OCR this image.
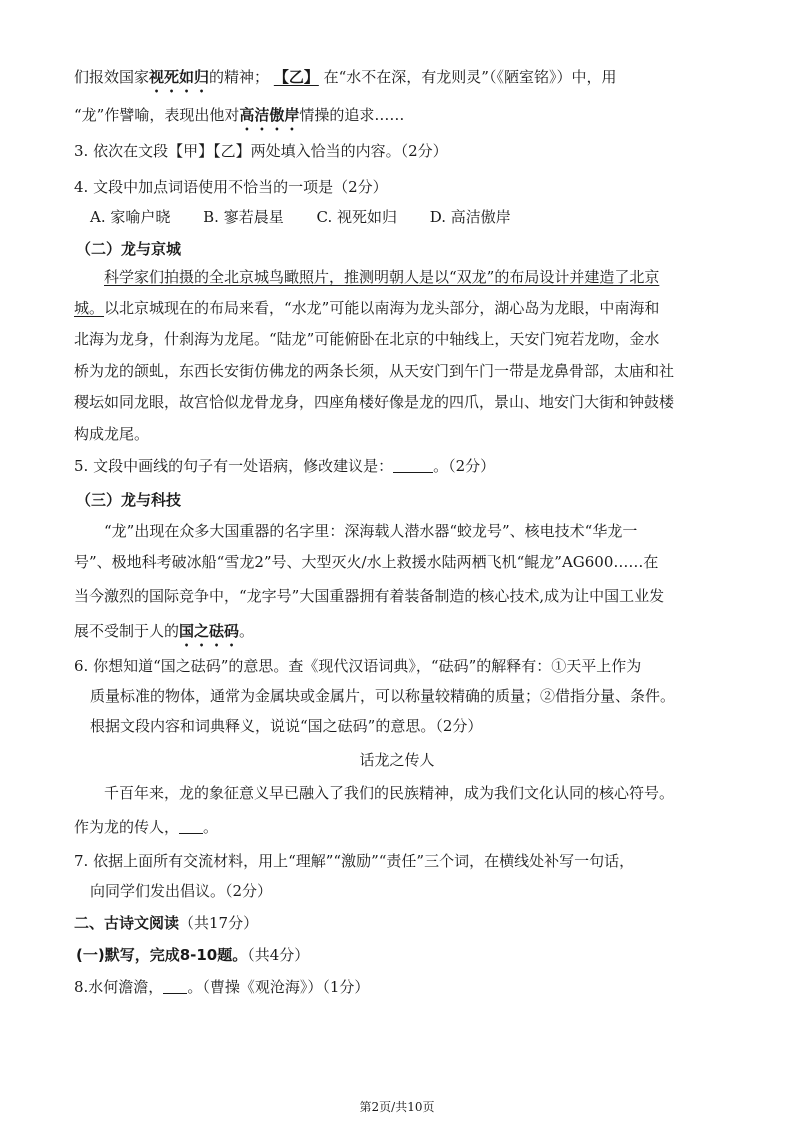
们报效国家视死如归的精神； 【乙】 在“水不在深，有龙则灵”（《陋室铭》）中，用
“龙”作譬喻，表现出他对高洁傲岸情操的追求……
3. 依次在文段【甲】【乙】两处填入恰当的内容。（2分）
4. 文段中加点词语使用不恰当的一项是（2分）
A. 家喻户晓 B. 寥若晨星 C. 视死如归 D. 高洁傲岸
（二）龙与京城
科学家们拍摄的全北京城鸟瞰照片，推测明朝人是以“双龙”的布局设计并建造了北京
城。以北京城现在的布局来看，“水龙”可能以南海为龙头部分，湖心岛为龙眼，中南海和
北海为龙身，什刹海为龙尾。“陆龙”可能俯卧在北京的中轴线上，天安门宛若龙吻，金水
桥为龙的颌虬，东西长安街仿佛龙的两条长须，从天安门到午门一带是龙鼻骨部，太庙和社
稷坛如同龙眼，故宫恰似龙骨龙身，四座角楼好像是龙的四爪，景山、地安门大街和钟鼓楼
构成龙尾。
5. 文段中画线的句子有一处语病，修改建议是：	。（2分）
（三）龙与科技
“龙”出现在众多大国重器的名字里：深海载人潜水器“蛟龙号”、核电技术“华龙一
号”、极地科考破冰船“雪龙2”号、大型灭火/水上救援水陆两栖飞机“鲲龙”AG600……在
当今激烈的国际竞争中，“龙字号”大国重器拥有着装备制造的核心技术,成为让中国工业发
展不受制于人的国之砝码。
6. 你想知道“国之砝码”的意思。查《现代汉语词典》，“砝码”的解释有：①天平上作为
质量标准的物体，通常为金属块或金属片，可以称量较精确的质量；②借指分量、条件。
根据文段内容和词典释义，说说“国之砝码”的意思。（2分）
话龙之传人
千百年来，龙的象征意义早已融入了我们的民族精神，成为我们文化认同的核心符号。
作为龙的传人， 。
7. 依据上面所有交流材料，用上“理解”“激励”“责任”三个词，在横线处补写一句话，
向同学们发出倡议。（2分）
二、古诗文阅读（共17分）
(一)默写，完成8-10题。（共4分）
8.水何澹澹， 。（曹操《观沧海》）（1分）
第2页/共10页
